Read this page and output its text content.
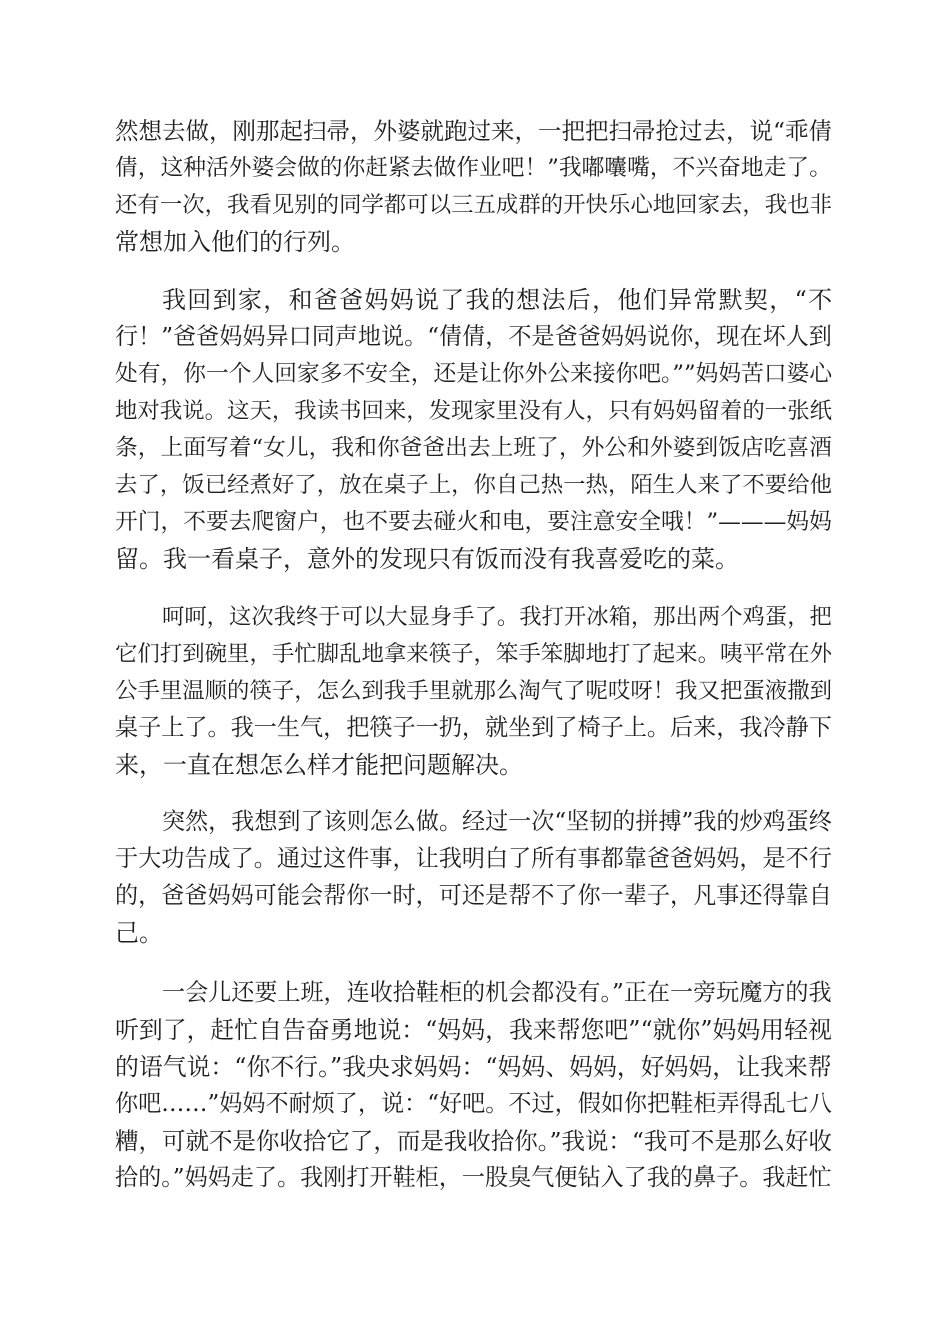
然想去做，刚那起扫帚，外婆就跑过来，一把把扫帚抢过去，说“乖倩
倩，这种活外婆会做的你赶紧去做作业吧！”我嘟囔嘴，不兴奋地走了。
还有一次，我看见别的同学都可以三五成群的开快乐心地回家去，我也非
常想加入他们的行列。
我回到家，和爸爸妈妈说了我的想法后，他们异常默契，“不
行！”爸爸妈妈异口同声地说。“倩倩，不是爸爸妈妈说你，现在坏人到
处有，你一个人回家多不安全，还是让你外公来接你吧。””妈妈苦口婆心
地对我说。这天，我读书回来，发现家里没有人，只有妈妈留着的一张纸
条，上面写着“女儿，我和你爸爸出去上班了，外公和外婆到饭店吃喜酒
去了，饭已经煮好了，放在桌子上，你自己热一热，陌生人来了不要给他
开门，不要去爬窗户，也不要去碰火和电，要注意安全哦！”———妈妈
留。我一看桌子，意外的发现只有饭而没有我喜爱吃的菜。
呵呵，这次我终于可以大显身手了。我打开冰箱，那出两个鸡蛋，把
它们打到碗里，手忙脚乱地拿来筷子，笨手笨脚地打了起来。咦平常在外
公手里温顺的筷子，怎么到我手里就那么淘气了呢哎呀！我又把蛋液撒到
桌子上了。我一生气，把筷子一扔，就坐到了椅子上。后来，我冷静下
来，一直在想怎么样才能把问题解决。
突然，我想到了该则怎么做。经过一次“坚韧的拼搏”我的炒鸡蛋终
于大功告成了。通过这件事，让我明白了所有事都靠爸爸妈妈，是不行
的，爸爸妈妈可能会帮你一时，可还是帮不了你一辈子，凡事还得靠自
己。
一会儿还要上班，连收拾鞋柜的机会都没有。”正在一旁玩魔方的我
听到了，赶忙自告奋勇地说：“妈妈，我来帮您吧”“就你”妈妈用轻视
的语气说：“你不行。”我央求妈妈：“妈妈、妈妈，好妈妈，让我来帮
你吧……”妈妈不耐烦了，说：“好吧。不过，假如你把鞋柜弄得乱七八
糟，可就不是你收拾它了，而是我收拾你。”我说：“我可不是那么好收
拾的。”妈妈走了。我刚打开鞋柜，一股臭气便钻入了我的鼻子。我赶忙
